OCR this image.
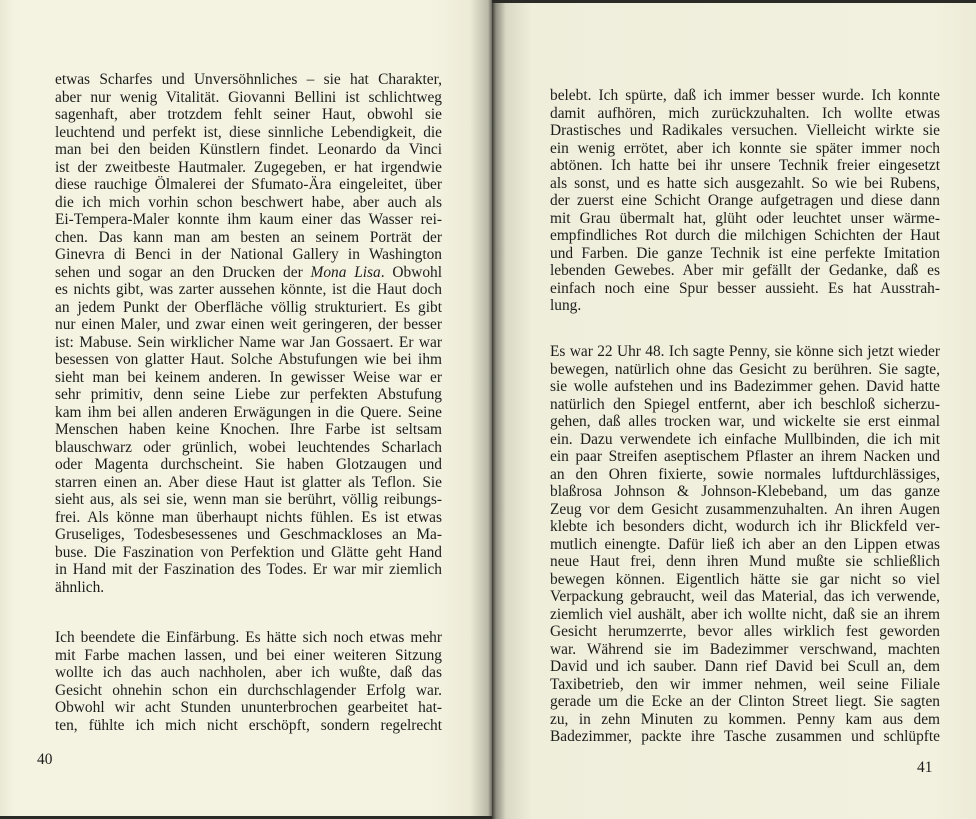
etwas Scharfes und Unversöhnliches – sie hat Charakter,
aber nur wenig Vitalität. Giovanni Bellini ist schlichtweg
sagenhaft, aber trotzdem fehlt seiner Haut, obwohl sie
leuchtend und perfekt ist, diese sinnliche Lebendigkeit, die
man bei den beiden Künstlern findet. Leonardo da Vinci
ist der zweitbeste Hautmaler. Zugegeben, er hat irgendwie
diese rauchige Ölmalerei der Sfumato-Ära eingeleitet, über
die ich mich vorhin schon beschwert habe, aber auch als
Ei-Tempera-Maler konnte ihm kaum einer das Wasser rei-
chen. Das kann man am besten an seinem Porträt der
Ginevra di Benci in der National Gallery in Washington
sehen und sogar an den Drucken der Mona Lisa. Obwohl
es nichts gibt, was zarter aussehen könnte, ist die Haut doch
an jedem Punkt der Oberfläche völlig strukturiert. Es gibt
nur einen Maler, und zwar einen weit geringeren, der besser
ist: Mabuse. Sein wirklicher Name war Jan Gossaert. Er war
besessen von glatter Haut. Solche Abstufungen wie bei ihm
sieht man bei keinem anderen. In gewisser Weise war er
sehr primitiv, denn seine Liebe zur perfekten Abstufung
kam ihm bei allen anderen Erwägungen in die Quere. Seine
Menschen haben keine Knochen. Ihre Farbe ist seltsam
blauschwarz oder grünlich, wobei leuchtendes Scharlach
oder Magenta durchscheint. Sie haben Glotzaugen und
starren einen an. Aber diese Haut ist glatter als Teflon. Sie
sieht aus, als sei sie, wenn man sie berührt, völlig reibungs-
frei. Als könne man überhaupt nichts fühlen. Es ist etwas
Gruseliges, Todesbesessenes und Geschmackloses an Ma-
buse. Die Faszination von Perfektion und Glätte geht Hand
in Hand mit der Faszination des Todes. Er war mir ziemlich
ähnlich.
Ich beendete die Einfärbung. Es hätte sich noch etwas mehr
mit Farbe machen lassen, und bei einer weiteren Sitzung
wollte ich das auch nachholen, aber ich wußte, daß das
Gesicht ohnehin schon ein durchschlagender Erfolg war.
Obwohl wir acht Stunden ununterbrochen gearbeitet hat-
ten, fühlte ich mich nicht erschöpft, sondern regelrecht
40
belebt. Ich spürte, daß ich immer besser wurde. Ich konnte
damit aufhören, mich zurückzuhalten. Ich wollte etwas
Drastisches und Radikales versuchen. Vielleicht wirkte sie
ein wenig errötet, aber ich konnte sie später immer noch
abtönen. Ich hatte bei ihr unsere Technik freier eingesetzt
als sonst, und es hatte sich ausgezahlt. So wie bei Rubens,
der zuerst eine Schicht Orange aufgetragen und diese dann
mit Grau übermalt hat, glüht oder leuchtet unser wärme-
empfindliches Rot durch die milchigen Schichten der Haut
und Farben. Die ganze Technik ist eine perfekte Imitation
lebenden Gewebes. Aber mir gefällt der Gedanke, daß es
einfach noch eine Spur besser aussieht. Es hat Ausstrah-
lung.
Es war 22 Uhr 48. Ich sagte Penny, sie könne sich jetzt wieder
bewegen, natürlich ohne das Gesicht zu berühren. Sie sagte,
sie wolle aufstehen und ins Badezimmer gehen. David hatte
natürlich den Spiegel entfernt, aber ich beschloß sicherzu-
gehen, daß alles trocken war, und wickelte sie erst einmal
ein. Dazu verwendete ich einfache Mullbinden, die ich mit
ein paar Streifen aseptischem Pflaster an ihrem Nacken und
an den Ohren fixierte, sowie normales luftdurchlässiges,
blaßrosa Johnson & Johnson-Klebeband, um das ganze
Zeug vor dem Gesicht zusammenzuhalten. An ihren Augen
klebte ich besonders dicht, wodurch ich ihr Blickfeld ver-
mutlich einengte. Dafür ließ ich aber an den Lippen etwas
neue Haut frei, denn ihren Mund mußte sie schließlich
bewegen können. Eigentlich hätte sie gar nicht so viel
Verpackung gebraucht, weil das Material, das ich verwende,
ziemlich viel aushält, aber ich wollte nicht, daß sie an ihrem
Gesicht herumzerrte, bevor alles wirklich fest geworden
war. Während sie im Badezimmer verschwand, machten
David und ich sauber. Dann rief David bei Scull an, dem
Taxibetrieb, den wir immer nehmen, weil seine Filiale
gerade um die Ecke an der Clinton Street liegt. Sie sagten
zu, in zehn Minuten zu kommen. Penny kam aus dem
Badezimmer, packte ihre Tasche zusammen und schlüpfte
41
